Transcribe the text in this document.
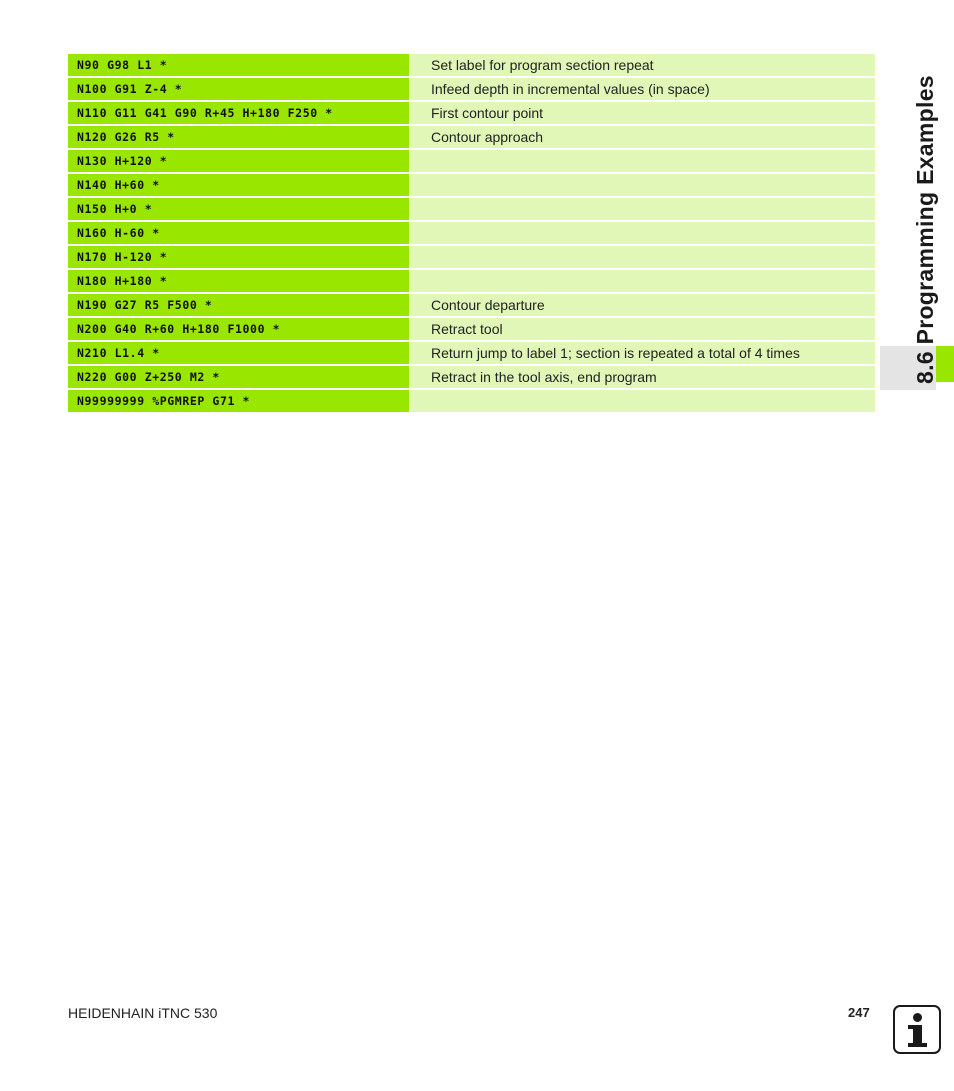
N90 G98 L1 *	Set label for program section repeat
N100 G91 Z-4 *	Infeed depth in incremental values (in space)
N110 G11 G41 G90 R+45 H+180 F250 *	First contour point
N120 G26 R5 *	Contour approach
N130 H+120 *
N140 H+60 *
N150 H+0 *
N160 H-60 *
N170 H-120 *
N180 H+180 *
N190 G27 R5 F500 *	Contour departure
N200 G40 R+60 H+180 F1000 *	Retract tool
N210 L1.4 *	Return jump to label 1; section is repeated a total of 4 times
N220 G00 Z+250 M2 *	Retract in the tool axis, end program
N99999999 %PGMREP G71 *
8.6 Programming Examples
HEIDENHAIN iTNC 530	247
